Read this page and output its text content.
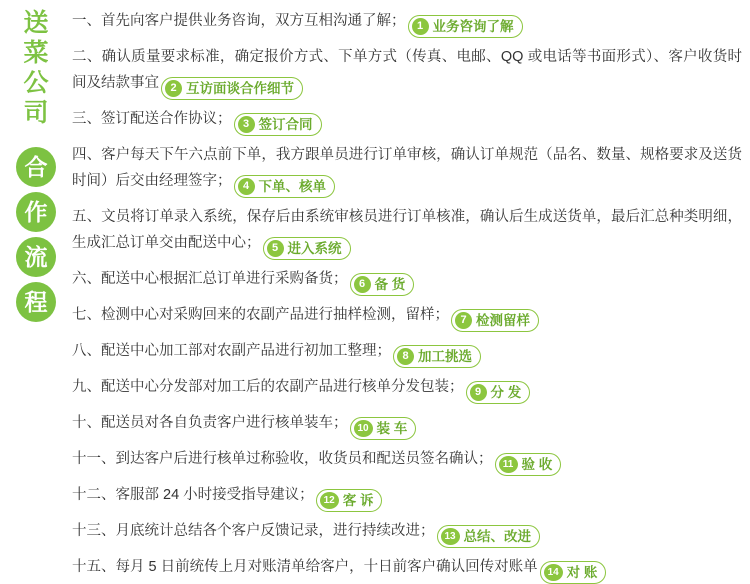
送
菜
公
司
合
作
流
程
一、首先向客户提供业务咨询，双方互相沟通了解；	1 业务咨询了解
二、确认质量要求标准，确定报价方式、下单方式（传真、电邮、QQ 或电话等书面形式）、客户收货时间及结款事宜	2 互访面谈合作细节
三、签订配送合作协议；	3 签订合同
四、客户每天下午六点前下单，我方跟单员进行订单审核，确认订单规范（品名、数量、规格要求及送货时间）后交由经理签字；	4 下单、核单
五、文员将订单录入系统，保存后由系统审核员进行订单核准，确认后生成送货单，最后汇总种类明细，生成汇总订单交由配送中心；	5 进入系统
六、配送中心根据汇总订单进行采购备货；	6 备 货
七、检测中心对采购回来的农副产品进行抽样检测，留样；	7 检测留样
八、配送中心加工部对农副产品进行初加工整理；	8 加工挑选
九、配送中心分发部对加工后的农副产品进行核单分发包装；	9 分 发
十、配送员对各自负责客户进行核单装车； 10 装 车
十一、到达客户后进行核单过称验收，收货员和配送员签名确认；	11 验 收
十二、客服部 24 小时接受指导建议； 12 客 诉
十三、月底统计总结各个客户反馈记录，进行持续改进； 13 总结、改进
十五、每月 5 日前统传上月对账清单给客户，十日前客户确认回传对账单 14 对 账
